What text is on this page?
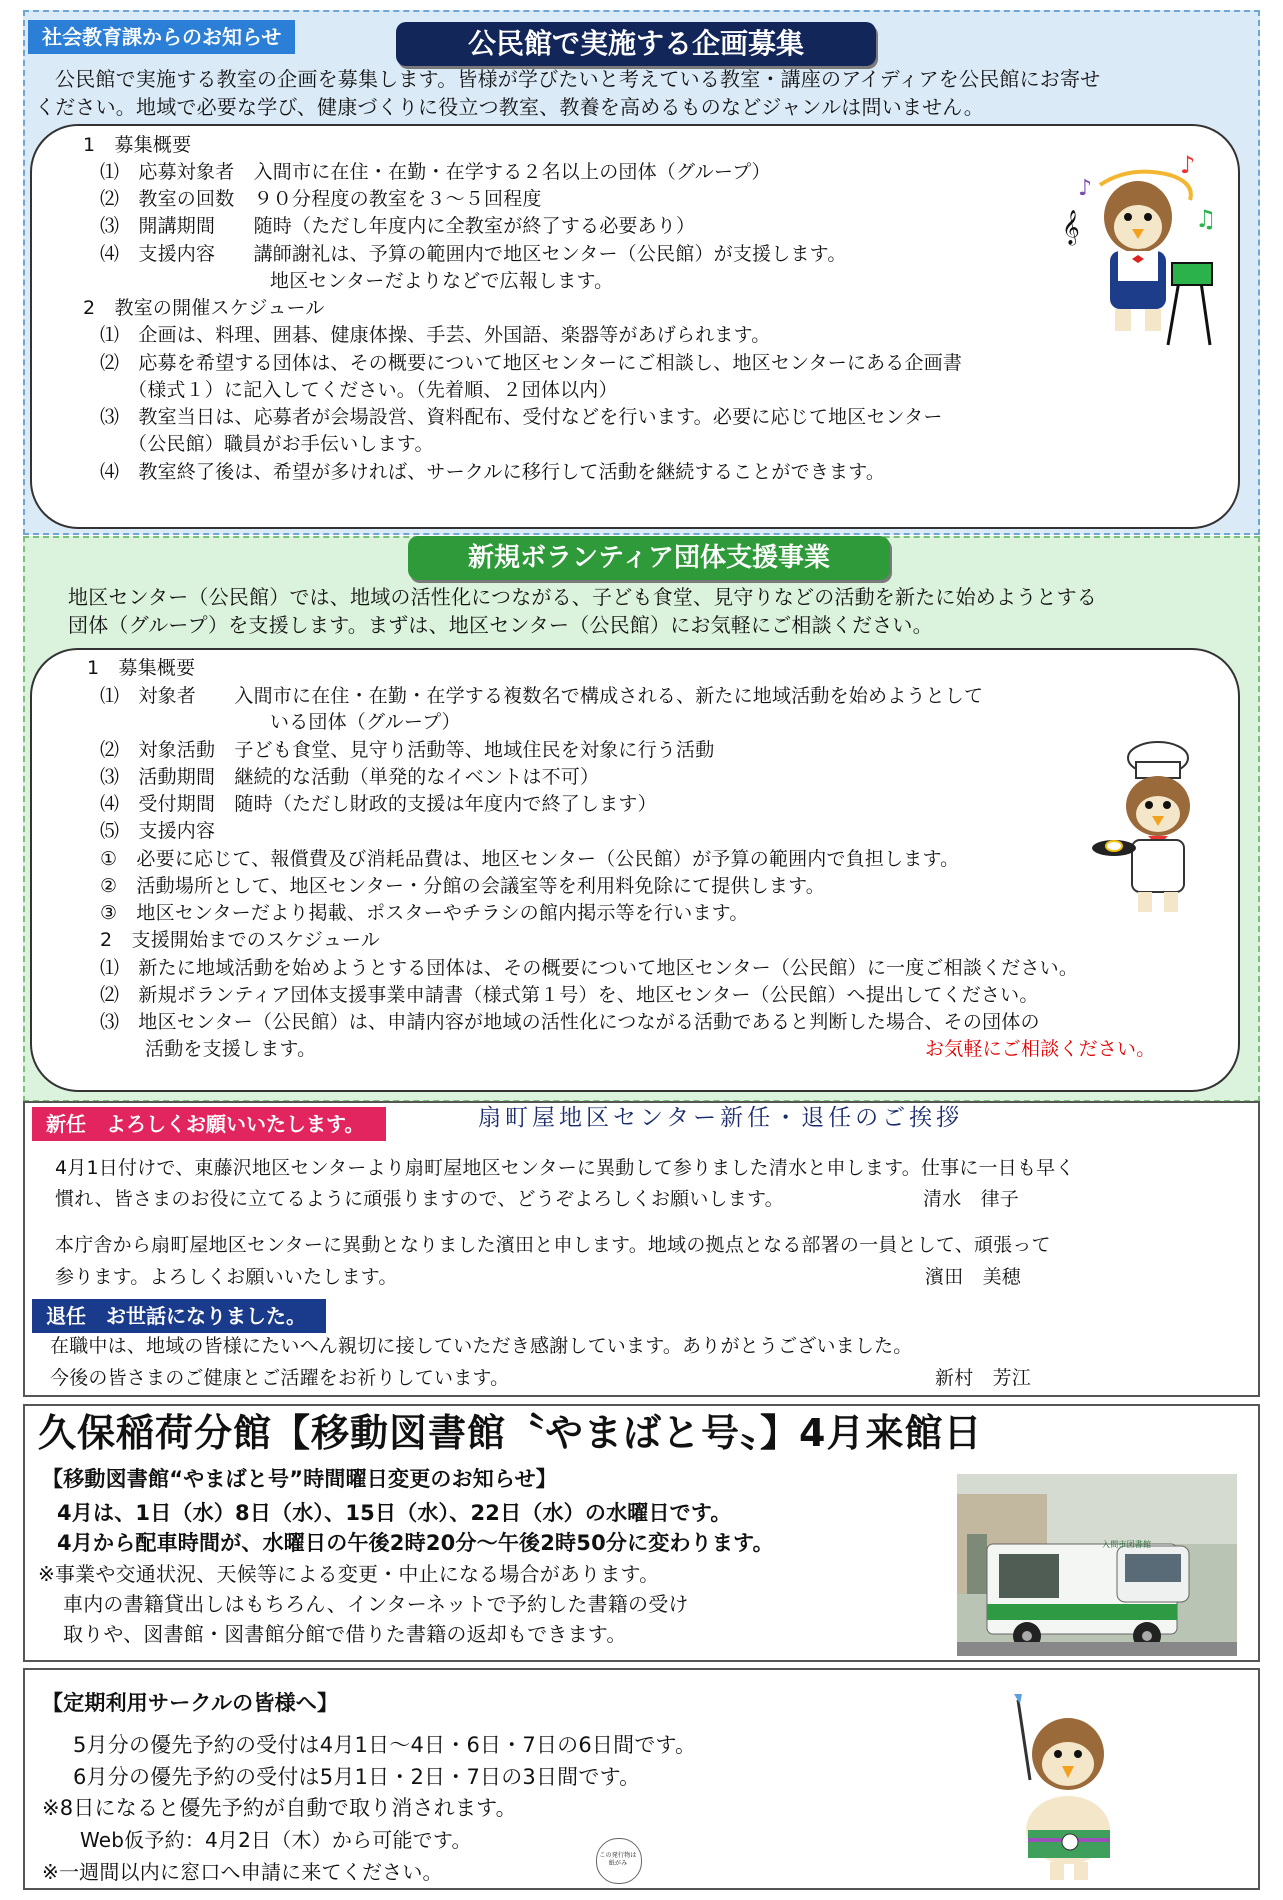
社会教育課からのお知らせ	公民館で実施する企画募集
公民館で実施する教室の企画を募集します。皆様が学びたいと考えている教室・講座のアイディアを公民館にお寄せ
ください。地域で必要な学び、健康づくりに役立つ教室、教養を高めるものなどジャンルは問いません。
1　募集概要
⑴　応募対象者　入間市に在住・在勤・在学する２名以上の団体（グループ）
⑵　教室の回数　９０分程度の教室を３～５回程度
⑶　開講期間　　随時（ただし年度内に全教室が終了する必要あり）
⑷　支援内容　　講師謝礼は、予算の範囲内で地区センター（公民館）が支援します。
地区センターだよりなどで広報します。
2　教室の開催スケジュール
⑴　企画は、料理、囲碁、健康体操、手芸、外国語、楽器等があげられます。
⑵　応募を希望する団体は、その概要について地区センターにご相談し、地区センターにある企画書
（様式１）に記入してください。（先着順、２団体以内）
⑶　教室当日は、応募者が会場設営、資料配布、受付などを行います。必要に応じて地区センター
（公民館）職員がお手伝いします。
⑷　教室終了後は、希望が多ければ、サークルに移行して活動を継続することができます。
♪
♪
♫
𝄞
新規ボランティア団体支援事業
地区センター（公民館）では、地域の活性化につながる、子ども食堂、見守りなどの活動を新たに始めようとする
団体（グループ）を支援します。まずは、地区センター（公民館）にお気軽にご相談ください。
1　募集概要
⑴　対象者　　入間市に在住・在勤・在学する複数名で構成される、新たに地域活動を始めようとして
いる団体（グループ）
⑵　対象活動　子ども食堂、見守り活動等、地域住民を対象に行う活動
⑶　活動期間　継続的な活動（単発的なイベントは不可）
⑷　受付期間　随時（ただし財政的支援は年度内で終了します）
⑸　支援内容
①　必要に応じて、報償費及び消耗品費は、地区センター（公民館）が予算の範囲内で負担します。
②　活動場所として、地区センター・分館の会議室等を利用料免除にて提供します。
③　地区センターだより掲載、ポスターやチラシの館内掲示等を行います。
2　支援開始までのスケジュール
⑴　新たに地域活動を始めようとする団体は、その概要について地区センター（公民館）に一度ご相談ください。
⑵　新規ボランティア団体支援事業申請書（様式第１号）を、地区センター（公民館）へ提出してください。
⑶　地区センター（公民館）は、申請内容が地域の活性化につながる活動であると判断した場合、その団体の
活動を支援します。	お気軽にご相談ください。
新任　よろしくお願いいたします。	扇町屋地区センター新任・退任のご挨拶
4月1日付けで、東藤沢地区センターより扇町屋地区センターに異動して参りました清水と申します。仕事に一日も早く
慣れ、皆さまのお役に立てるように頑張りますので、どうぞよろしくお願いします。	清水　律子
本庁舎から扇町屋地区センターに異動となりました濱田と申します。地域の拠点となる部署の一員として、頑張って
参ります。よろしくお願いいたします。	濱田　美穂
退任　お世話になりました。
在職中は、地域の皆様にたいへん親切に接していただき感謝しています。ありがとうございました。
今後の皆さまのご健康とご活躍をお祈りしています。	新村　芳江
久保稲荷分館【移動図書館〝やまばと号〟】4月来館日
【移動図書館“やまばと号”時間曜日変更のお知らせ】
4月は、1日（水）8日（水）、15日（水）、22日（水）の水曜日です。
4月から配車時間が、水曜日の午後2時20分～午後2時50分に変わります。
※事業や交通状況、天候等による変更・中止になる場合があります。
車内の書籍貸出しはもちろん、インターネットで予約した書籍の受け
取りや、図書館・図書館分館で借りた書籍の返却もできます。
入間市図書館
【定期利用サークルの皆様へ】
5月分の優先予約の受付は4月1日～4日・6日・7日の6日間です。
6月分の優先予約の受付は5月1日・2日・7日の3日間です。
※8日になると優先予約が自動で取り消されます。
Web仮予約：4月2日（木）から可能です。
※一週間以内に窓口へ申請に来てください。
この発行物は 紙がみ
